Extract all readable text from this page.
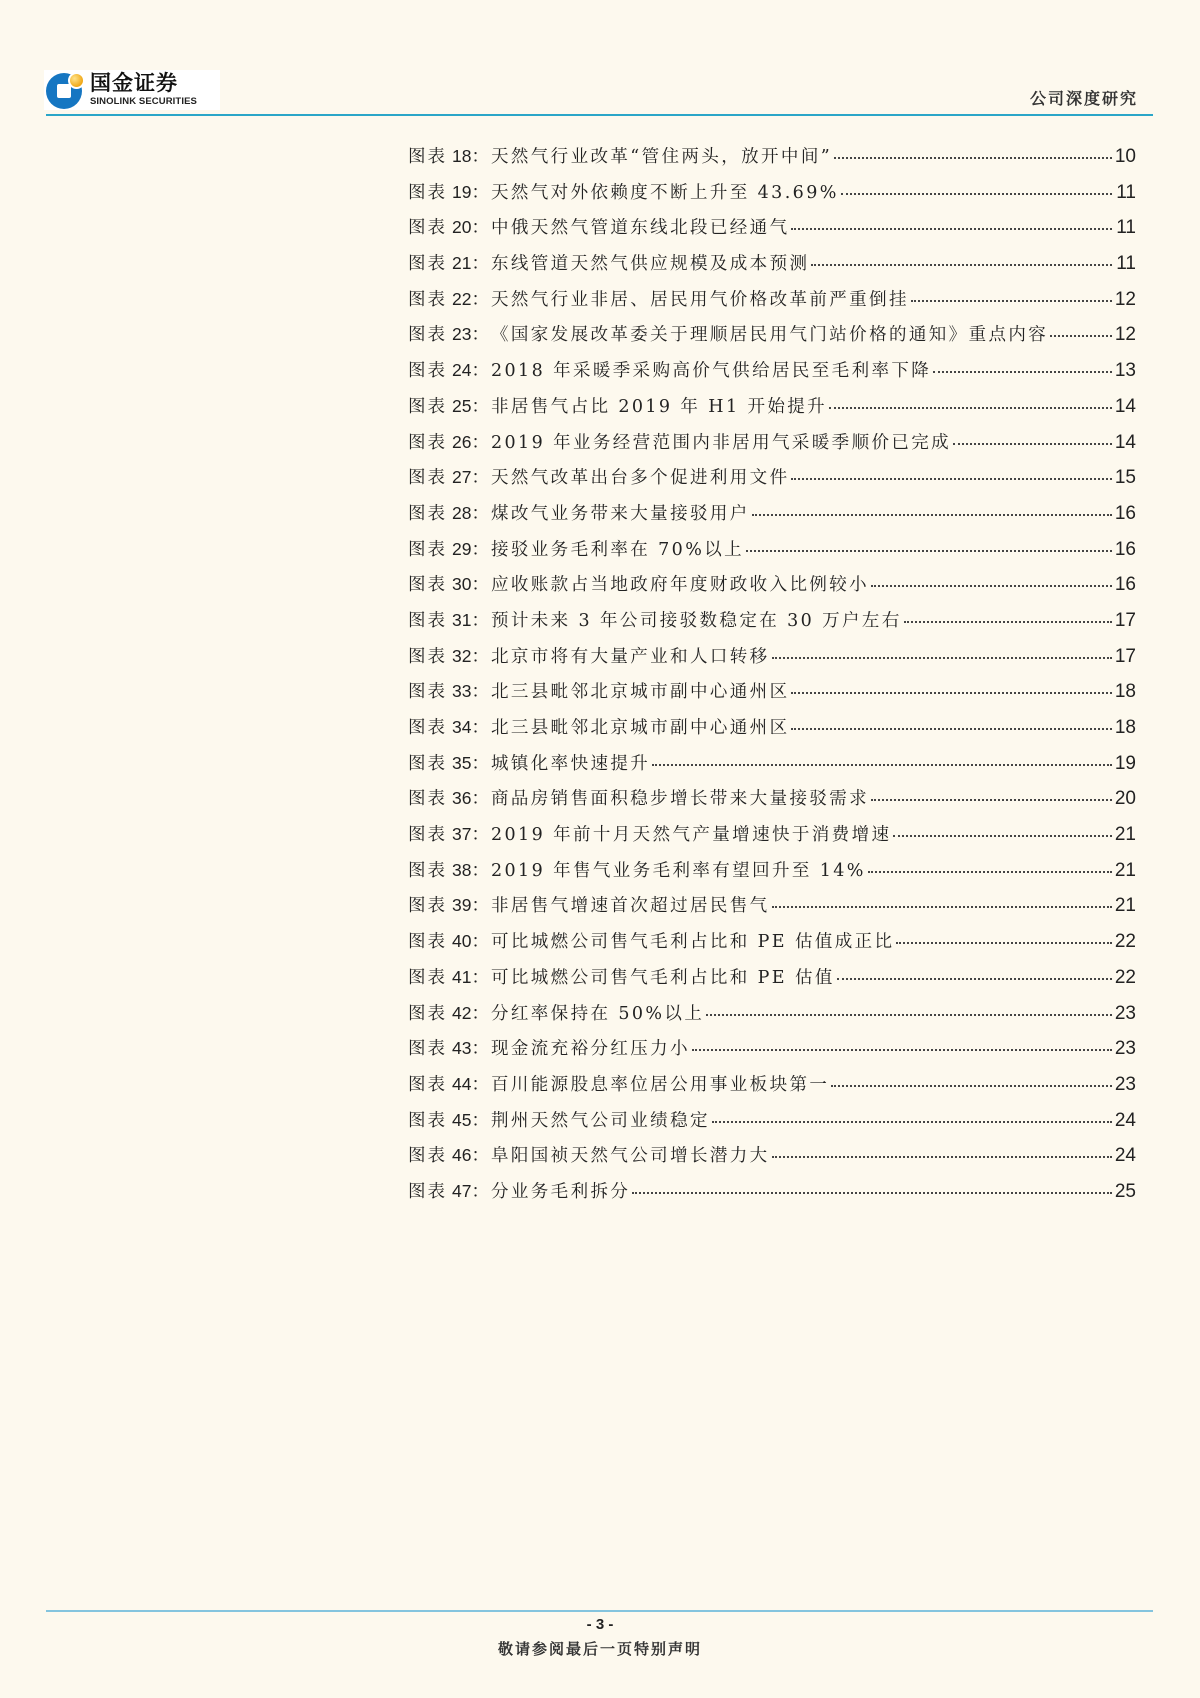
国金证券
SINOLINK SECURITIES	公司深度研究
图表 18： 天然气行业改革“管住两头，放开中间”	10
图表 19： 天然气对外依赖度不断上升至 43.69%	11
图表 20： 中俄天然气管道东线北段已经通气	11
图表 21： 东线管道天然气供应规模及成本预测	11
图表 22： 天然气行业非居、居民用气价格改革前严重倒挂	12
图表 23： 《国家发展改革委关于理顺居民用气门站价格的通知》重点内容	12
图表 24： 2018 年采暖季采购高价气供给居民至毛利率下降	13
图表 25： 非居售气占比 2019 年 H1 开始提升	14
图表 26： 2019 年业务经营范围内非居用气采暖季顺价已完成	14
图表 27： 天然气改革出台多个促进利用文件	15
图表 28： 煤改气业务带来大量接驳用户	16
图表 29： 接驳业务毛利率在 70%以上	16
图表 30： 应收账款占当地政府年度财政收入比例较小	16
图表 31： 预计未来 3 年公司接驳数稳定在 30 万户左右	17
图表 32： 北京市将有大量产业和人口转移	17
图表 33： 北三县毗邻北京城市副中心通州区	18
图表 34： 北三县毗邻北京城市副中心通州区	18
图表 35： 城镇化率快速提升	19
图表 36： 商品房销售面积稳步增长带来大量接驳需求	20
图表 37： 2019 年前十月天然气产量增速快于消费增速	21
图表 38： 2019 年售气业务毛利率有望回升至 14%	21
图表 39： 非居售气增速首次超过居民售气	21
图表 40： 可比城燃公司售气毛利占比和 PE 估值成正比	22
图表 41： 可比城燃公司售气毛利占比和 PE 估值	22
图表 42： 分红率保持在 50%以上	23
图表 43： 现金流充裕分红压力小	23
图表 44： 百川能源股息率位居公用事业板块第一	23
图表 45： 荆州天然气公司业绩稳定	24
图表 46： 阜阳国祯天然气公司增长潜力大	24
图表 47： 分业务毛利拆分	25
- 3 -
敬请参阅最后一页特别声明
